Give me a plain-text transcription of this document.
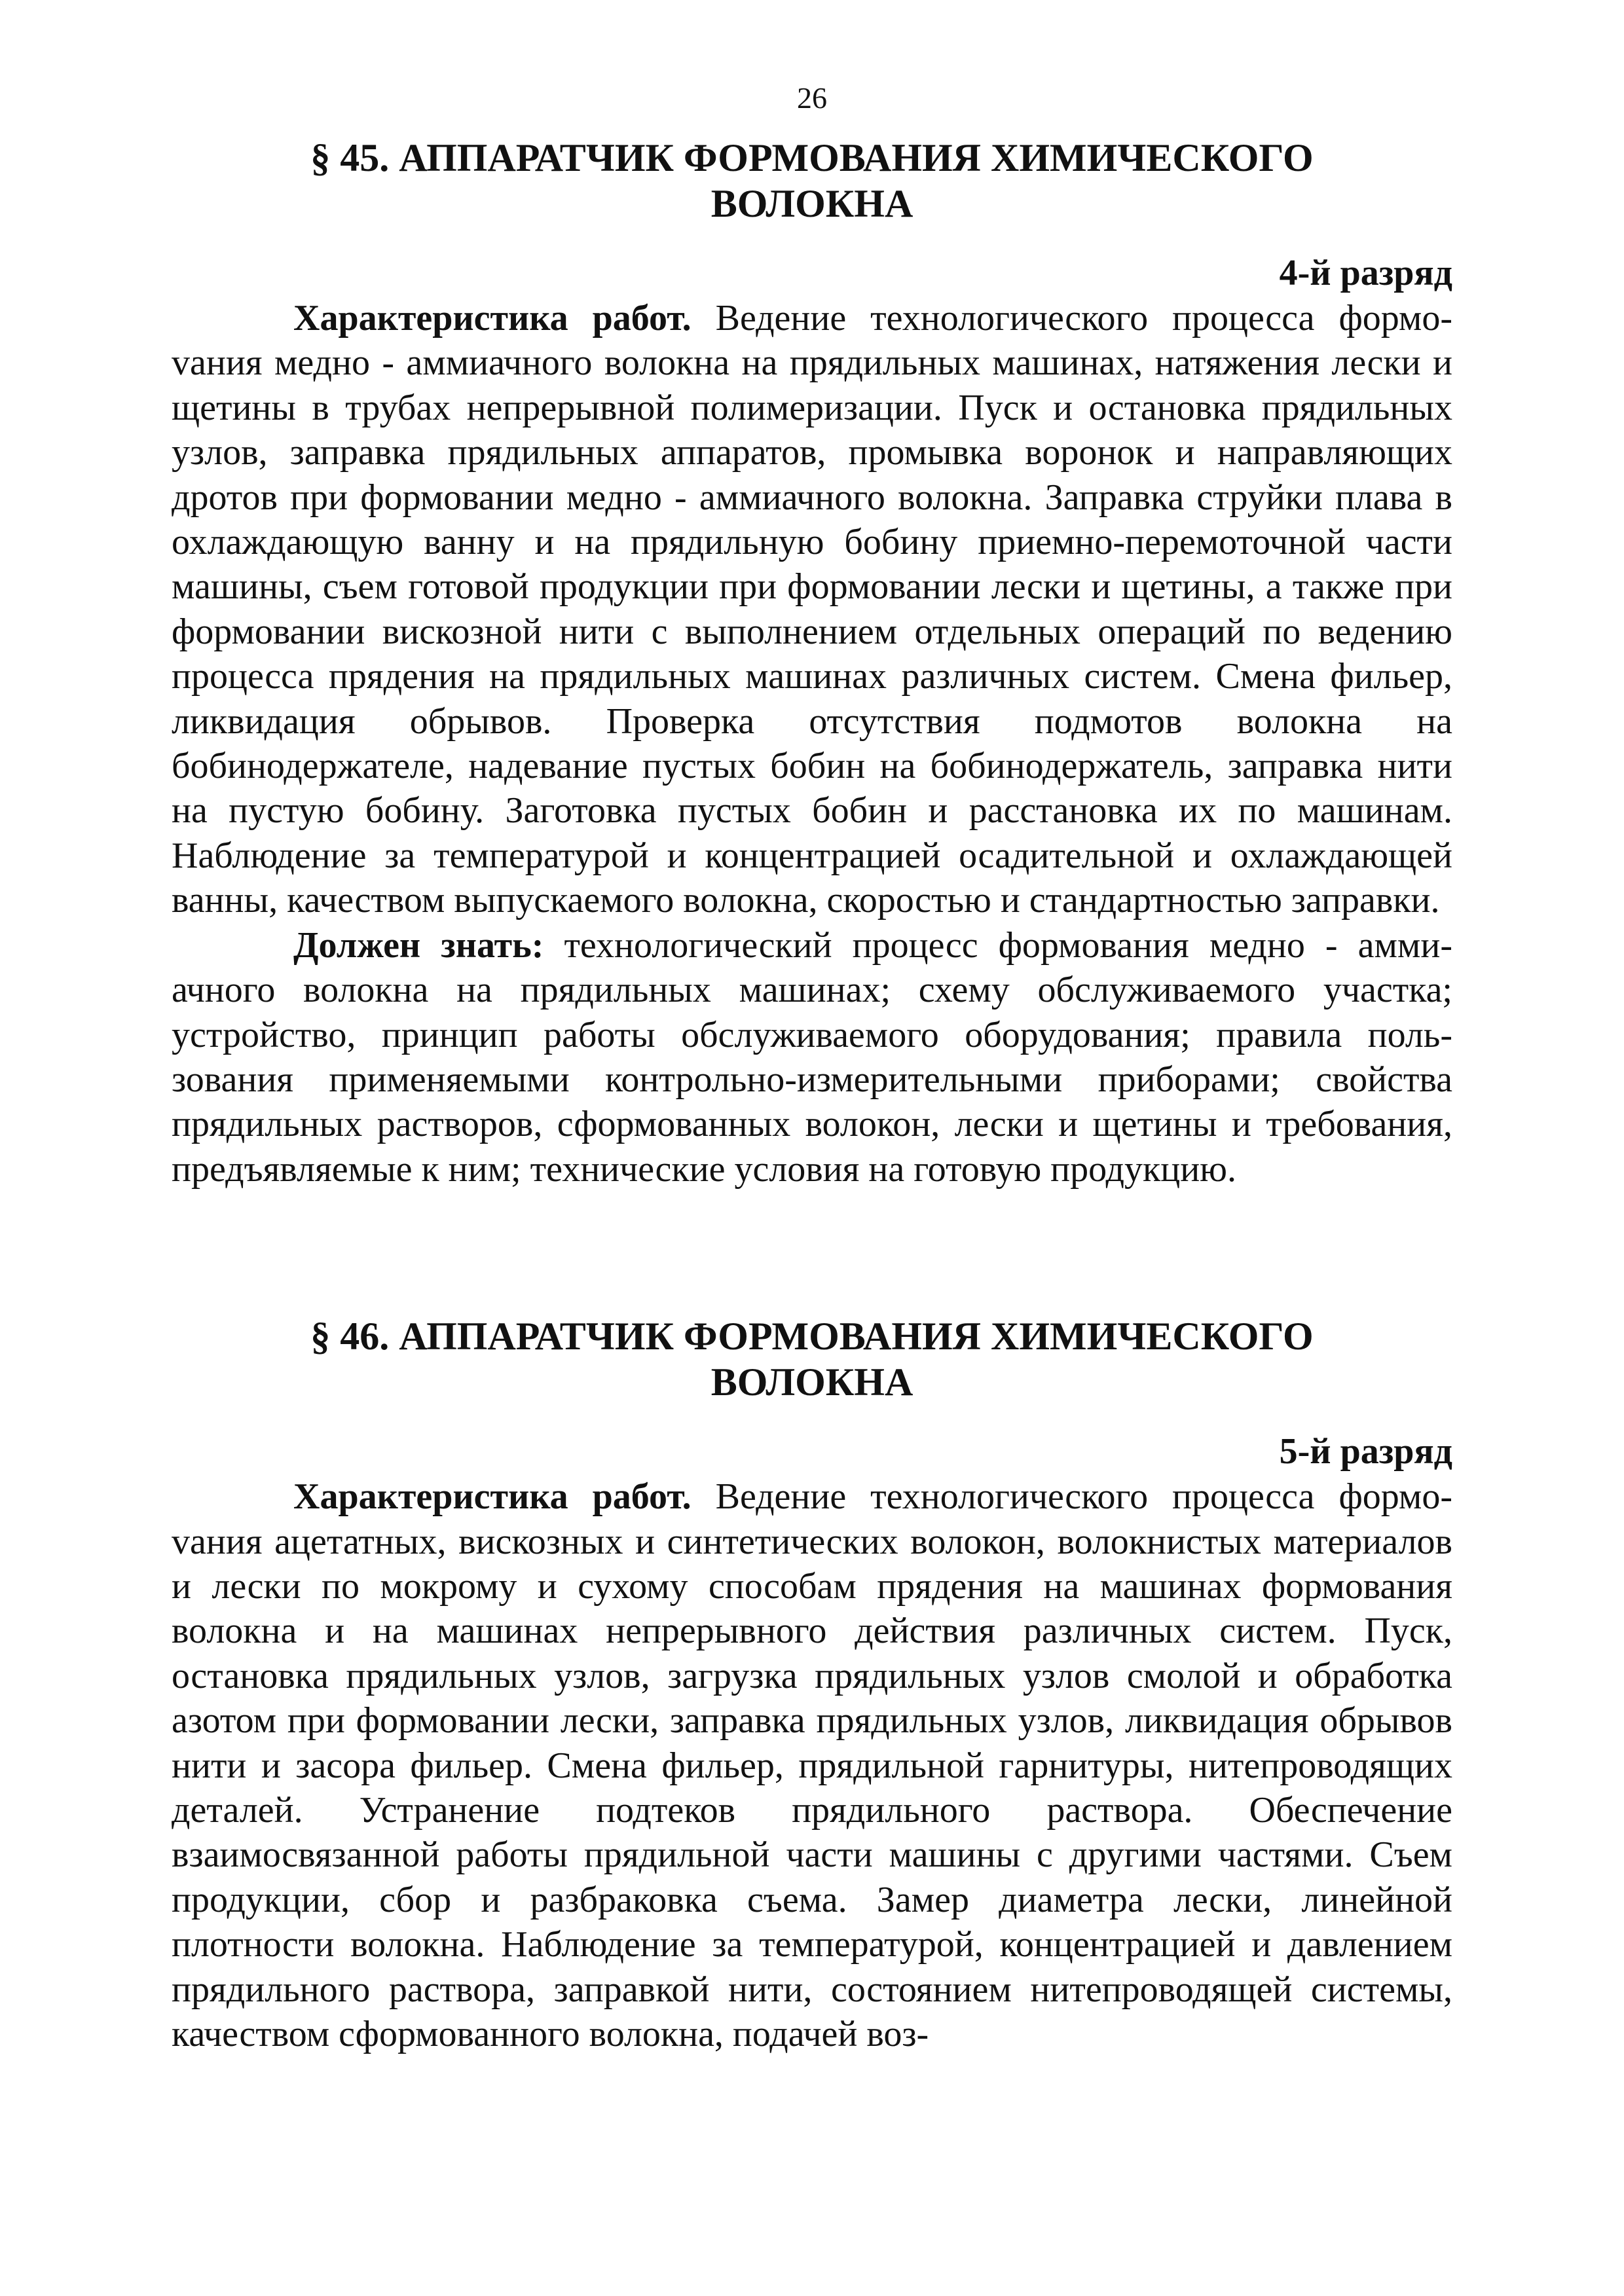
26
§ 45. АППАРАТЧИК ФОРМОВАНИЯ ХИМИЧЕСКОГО
ВОЛОКНА
4-й разряд

Характеристика работ. Ведение технологического процесса формоvания медно - аммиачного волокна на прядильных машинах, натяжения лески и щетины в трубах непрерывной полимеризации. Пуск и остановка прядильных узлов, заправка прядильных аппаратов, промывка воронок и направляющих дротов при формовании медно - аммиачного волокна. Заправка струйки плава в охлаждающую ванну и на прядильную бобину приемно-перемоточной части машины, съем готовой продукции при формовании лески и щетины, а также при формовании вискозной нити с выполнением отдельных операций по ведению процесса прядения на прядильных машинах различных систем. Смена фильер, ликвидация обрывов. Проверка отсутствия подмотов волокна на бобинодержателе, надевание пустых бобин на бобинодержатель, заправка нити на пустую бобину. Заготовка пустых бобин и расстановка их по машинам. Наблюдение за температурой и концентрацией осадительной и охлаждающей ванны, качеством выпускаемого волокна, скоростью и стандартностью заправки.

Должен знать: технологический процесс формования медно - аммиачного волокна на прядильных машинах; схему обслуживаемого участка; устройство, принцип работы обслуживаемого оборудования; правила пользования применяемыми контрольно-измерительными приборами; свойства прядильных растворов, сформованных волокон, лески и щетины и требования, предъявляемые к ним; технические условия на готовую продукцию.

§ 46. АППАРАТЧИК ФОРМОВАНИЯ ХИМИЧЕСКОГО
ВОЛОКНА
5-й разряд

Характеристика работ. Ведение технологического процесса формоvания ацетатных, вискозных и синтетических волокон, волокнистых материалов и лески по мокрому и сухому способам прядения на машинах формования волокна и на машинах непрерывного действия различных систем. Пуск, остановка прядильных узлов, загрузка прядильных узлов смолой и обработка азотом при формовании лески, заправка прядильных узлов, ликвидация обрывов нити и засора фильер. Смена фильер, прядильной гарнитуры, нитепроводящих деталей. Устранение подтеков прядильного раствора. Обеспечение взаимосвязанной работы прядильной части машины с другими частями. Съем продукции, сбор и разбраковка съема. Замер диаметра лески, линейной плотности волокна. Наблюдение за температурой, концентрацией и давлением прядильного раствора, заправкой нити, состоянием нитепроводящей системы, качеством сформованного волокна, подачей воз-
